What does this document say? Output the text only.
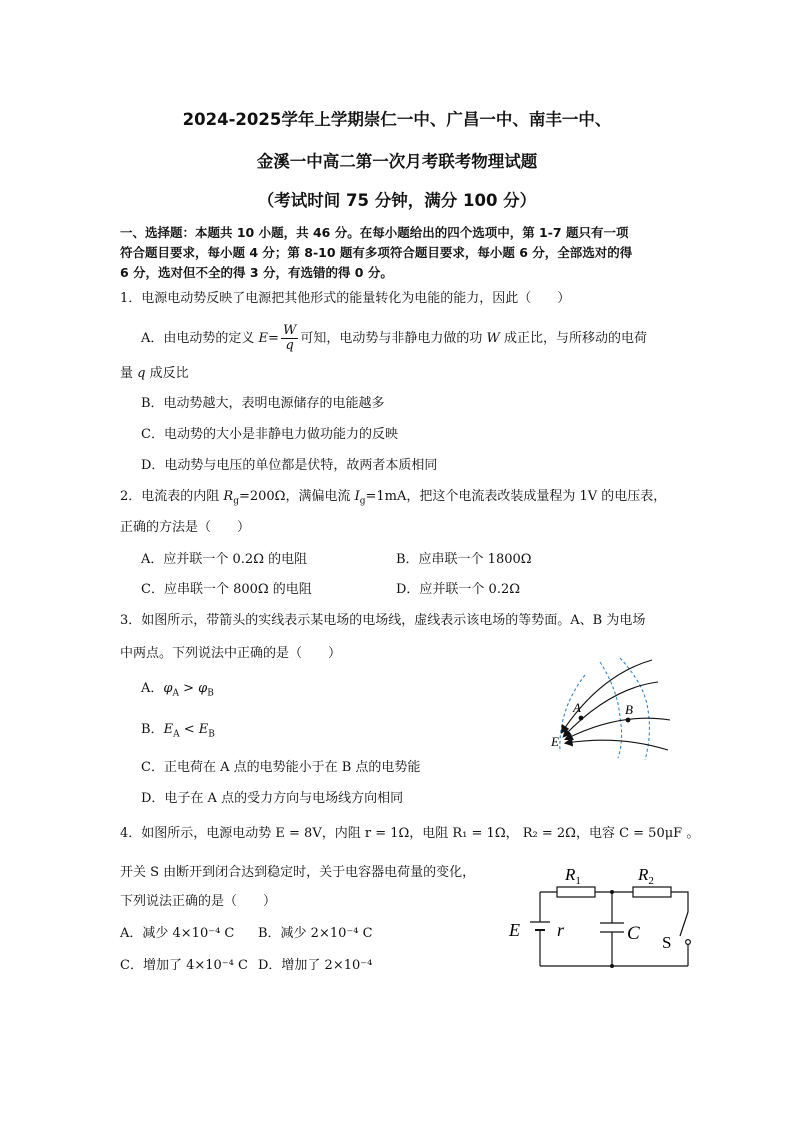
2024-2025学年上学期崇仁一中、广昌一中、南丰一中、
金溪一中高二第一次月考联考物理试题
（考试时间 75 分钟，满分 100 分）
一、选择题：本题共 10 小题，共 46 分。在每小题给出的四个选项中，第 1-7 题只有一项
符合题目要求，每小题 4 分；第 8-10 题有多项符合题目要求，每小题 6 分，全部选对的得
6 分，选对但不全的得 3 分，有选错的得 0 分。
1．电源电动势反映了电源把其他形式的能量转化为电能的能力，因此（　　）
A．由电动势的定义 $E= \frac{W}{q}$ 可知，电动势与非静电力做的功 W 成正比，与所移动的电荷
量 q 成反比
B．电动势越大，表明电源储存的电能越多
C．电动势的大小是非静电力做功能力的反映
D．电动势与电压的单位都是伏特，故两者本质相同
2．电流表的内阻 $R_g=200\Omega$，满偏电流 $I_g=1mA$，把这个电流表改装成量程为 1V 的电压表，
正确的方法是（　　）
A．应并联一个 0.2Ω 的电阻	B．应串联一个 1800Ω
C．应串联一个 800Ω 的电阻	D．应并联一个 0.2Ω
3．如图所示，带箭头的实线表示某电场的电场线，虚线表示该电场的等势面。A、B 为电场
中两点。下列说法中正确的是（　　）
A．$\varphi_A > \varphi_B$
B．$E_A < E_B$
C．正电荷在 A 点的电势能小于在 B 点的电势能
D．电子在 A 点的受力方向与电场线方向相同
A	B
E
4．如图所示，电源电动势 E = 8V，内阻 r = 1Ω，电阻 R₁ = 1Ω， R₂ = 2Ω，电容 C = 50μF 。
开关 S 由断开到闭合达到稳定时，关于电容器电荷量的变化，
下列说法正确的是（　　）
A．减少 4×10⁻⁴ C B．减少 2×10⁻⁴ C
C．增加了 4×10⁻⁴ C D．增加了 2×10⁻⁴
$R_1$	$R_2$
E r	C S
